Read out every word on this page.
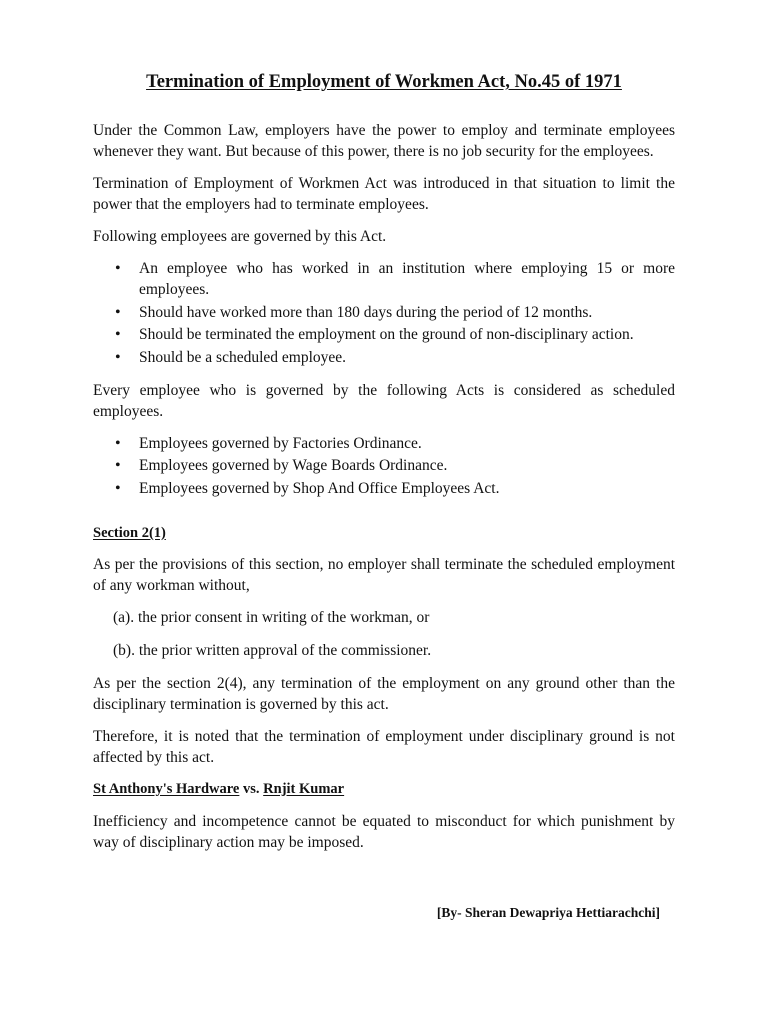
Termination of Employment of Workmen Act, No.45 of 1971

Under the Common Law, employers have the power to employ and terminate employees whenever they want. But because of this power, there is no job security for the employees.

Termination of Employment of Workmen Act was introduced in that situation to limit the power that the employers had to terminate employees.

Following employees are governed by this Act.

• An employee who has worked in an institution where employing 15 or more employees.
• Should have worked more than 180 days during the period of 12 months.
• Should be terminated the employment on the ground of non-disciplinary action.
• Should be a scheduled employee.

Every employee who is governed by the following Acts is considered as scheduled employees.

• Employees governed by Factories Ordinance.
• Employees governed by Wage Boards Ordinance.
• Employees governed by Shop And Office Employees Act.
Section 2(1)

As per the provisions of this section, no employer shall terminate the scheduled employment of any workman without,

(a). the prior consent in writing of the workman, or
(b). the prior written approval of the commissioner.

As per the section 2(4), any termination of the employment on any ground other than the disciplinary termination is governed by this act.

Therefore, it is noted that the termination of employment under disciplinary ground is not affected by this act.

St Anthony's Hardware vs. Rnjit Kumar

Inefficiency and incompetence cannot be equated to misconduct for which punishment by way of disciplinary action may be imposed.

[By- Sheran Dewapriya Hettiarachchi]
